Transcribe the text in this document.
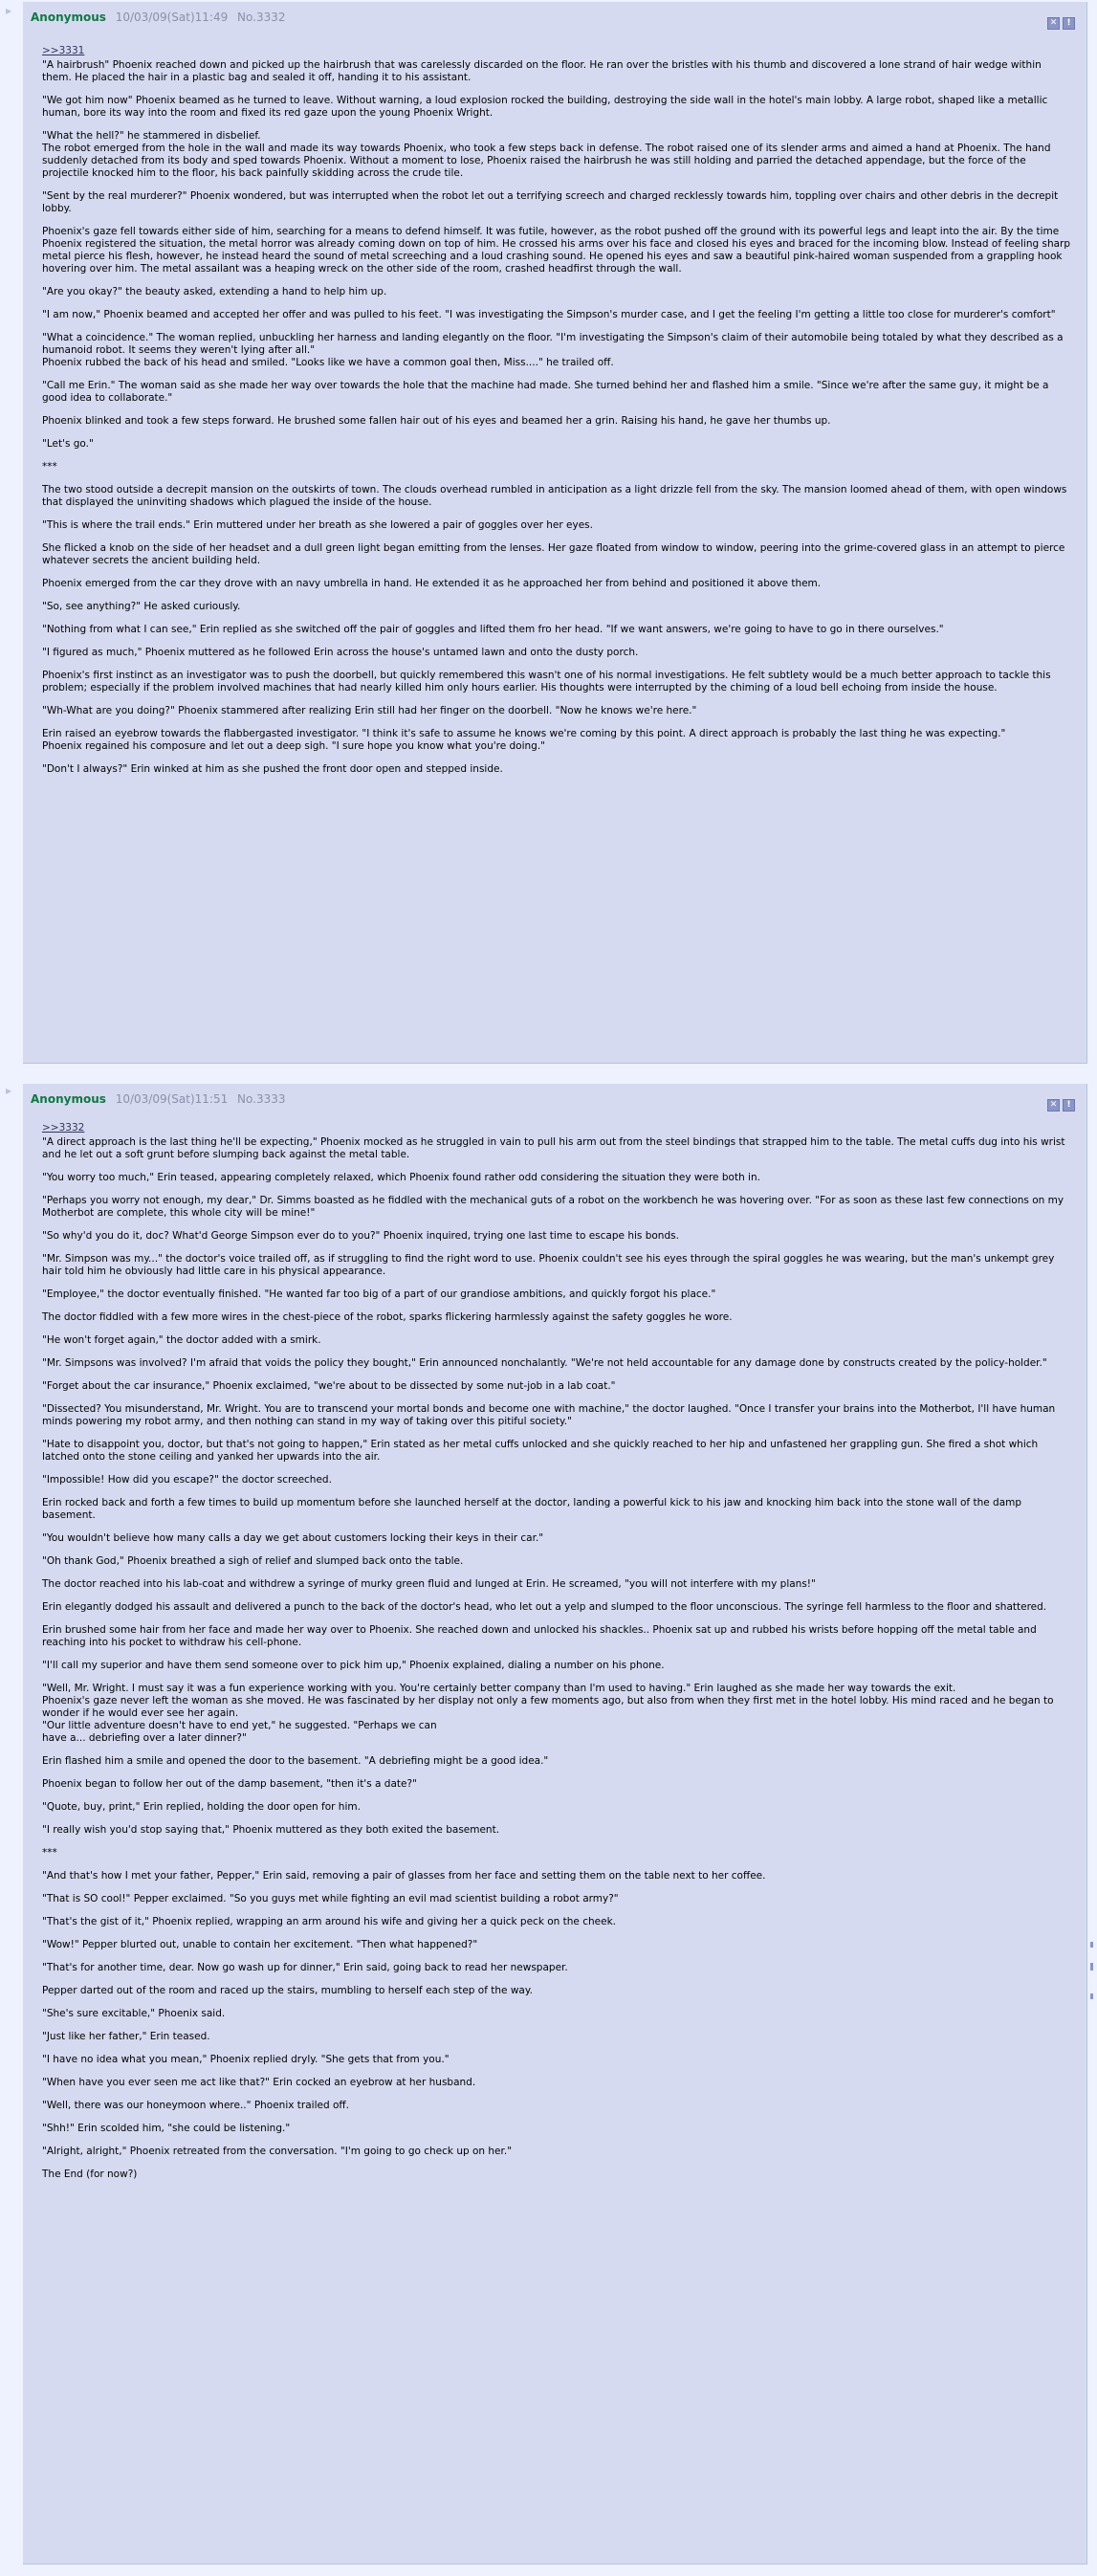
▶ Anonymous 10/03/09(Sat)11:49 No.3332	✕ !
>>3331

"A hairbrush" Phoenix reached down and picked up the hairbrush that was carelessly discarded on the floor. He ran over the bristles with his thumb and discovered a lone strand of hair wedge within them. He placed the hair in a plastic bag and sealed it off, handing it to his assistant.

"We got him now" Phoenix beamed as he turned to leave. Without warning, a loud explosion rocked the building, destroying the side wall in the hotel's main lobby. A large robot, shaped like a metallic human, bore its way into the room and fixed its red gaze upon the young Phoenix Wright.

"What the hell?" he stammered in disbelief.
The robot emerged from the hole in the wall and made its way towards Phoenix, who took a few steps back in defense. The robot raised one of its slender arms and aimed a hand at Phoenix. The hand suddenly detached from its body and sped towards Phoenix. Without a moment to lose, Phoenix raised the hairbrush he was still holding and parried the detached appendage, but the force of the projectile knocked him to the floor, his back painfully skidding across the crude tile.

"Sent by the real murderer?" Phoenix wondered, but was interrupted when the robot let out a terrifying screech and charged recklessly towards him, toppling over chairs and other debris in the decrepit lobby.

Phoenix's gaze fell towards either side of him, searching for a means to defend himself. It was futile, however, as the robot pushed off the ground with its powerful legs and leapt into the air. By the time Phoenix registered the situation, the metal horror was already coming down on top of him. He crossed his arms over his face and closed his eyes and braced for the incoming blow. Instead of feeling sharp metal pierce his flesh, however, he instead heard the sound of metal screeching and a loud crashing sound. He opened his eyes and saw a beautiful pink-haired woman suspended from a grappling hook hovering over him. The metal assailant was a heaping wreck on the other side of the room, crashed headfirst through the wall.

"Are you okay?" the beauty asked, extending a hand to help him up.

"I am now," Phoenix beamed and accepted her offer and was pulled to his feet. "I was investigating the Simpson's murder case, and I get the feeling I'm getting a little too close for murderer's comfort"

"What a coincidence." The woman replied, unbuckling her harness and landing elegantly on the floor. "I'm investigating the Simpson's claim of their automobile being totaled by what they described as a humanoid robot. It seems they weren't lying after all."
Phoenix rubbed the back of his head and smiled. "Looks like we have a common goal then, Miss...." he trailed off.

"Call me Erin." The woman said as she made her way over towards the hole that the machine had made. She turned behind her and flashed him a smile. "Since we're after the same guy, it might be a good idea to collaborate."

Phoenix blinked and took a few steps forward. He brushed some fallen hair out of his eyes and beamed her a grin. Raising his hand, he gave her thumbs up.

"Let's go."

***

The two stood outside a decrepit mansion on the outskirts of town. The clouds overhead rumbled in anticipation as a light drizzle fell from the sky. The mansion loomed ahead of them, with open windows that displayed the uninviting shadows which plagued the inside of the house.

"This is where the trail ends." Erin muttered under her breath as she lowered a pair of goggles over her eyes.

She flicked a knob on the side of her headset and a dull green light began emitting from the lenses. Her gaze floated from window to window, peering into the grime-covered glass in an attempt to pierce whatever secrets the ancient building held.

Phoenix emerged from the car they drove with an navy umbrella in hand. He extended it as he approached her from behind and positioned it above them.

"So, see anything?" He asked curiously.

"Nothing from what I can see," Erin replied as she switched off the pair of goggles and lifted them fro her head. "If we want answers, we're going to have to go in there ourselves."

"I figured as much," Phoenix muttered as he followed Erin across the house's untamed lawn and onto the dusty porch.

Phoenix's first instinct as an investigator was to push the doorbell, but quickly remembered this wasn't one of his normal investigations. He felt subtlety would be a much better approach to tackle this problem; especially if the problem involved machines that had nearly killed him only hours earlier. His thoughts were interrupted by the chiming of a loud bell echoing from inside the house.

"Wh-What are you doing?" Phoenix stammered after realizing Erin still had her finger on the doorbell. "Now he knows we're here."

Erin raised an eyebrow towards the flabbergasted investigator. "I think it's safe to assume he knows we're coming by this point. A direct approach is probably the last thing he was expecting."
Phoenix regained his composure and let out a deep sigh. "I sure hope you know what you're doing."

"Don't I always?" Erin winked at him as she pushed the front door open and stepped inside.

▶
Anonymous 10/03/09(Sat)11:51 No.3333	✕ !
>>3332

"A direct approach is the last thing he'll be expecting," Phoenix mocked as he struggled in vain to pull his arm out from the steel bindings that strapped him to the table. The metal cuffs dug into his wrist and he let out a soft grunt before slumping back against the metal table.

"You worry too much," Erin teased, appearing completely relaxed, which Phoenix found rather odd considering the situation they were both in.

"Perhaps you worry not enough, my dear," Dr. Simms boasted as he fiddled with the mechanical guts of a robot on the workbench he was hovering over. "For as soon as these last few connections on my Motherbot are complete, this whole city will be mine!"

"So why'd you do it, doc? What'd George Simpson ever do to you?" Phoenix inquired, trying one last time to escape his bonds.

"Mr. Simpson was my..." the doctor's voice trailed off, as if struggling to find the right word to use. Phoenix couldn't see his eyes through the spiral goggles he was wearing, but the man's unkempt grey hair told him he obviously had little care in his physical appearance.

"Employee," the doctor eventually finished. "He wanted far too big of a part of our grandiose ambitions, and quickly forgot his place."

The doctor fiddled with a few more wires in the chest-piece of the robot, sparks flickering harmlessly against the safety goggles he wore.

"He won't forget again," the doctor added with a smirk.

"Mr. Simpsons was involved? I'm afraid that voids the policy they bought," Erin announced nonchalantly. "We're not held accountable for any damage done by constructs created by the policy-holder."

"Forget about the car insurance," Phoenix exclaimed, "we're about to be dissected by some nut-job in a lab coat."

"Dissected? You misunderstand, Mr. Wright. You are to transcend your mortal bonds and become one with machine," the doctor laughed. "Once I transfer your brains into the Motherbot, I'll have human minds powering my robot army, and then nothing can stand in my way of taking over this pitiful society."

"Hate to disappoint you, doctor, but that's not going to happen," Erin stated as her metal cuffs unlocked and she quickly reached to her hip and unfastened her grappling gun. She fired a shot which latched onto the stone ceiling and yanked her upwards into the air.

"Impossible! How did you escape?" the doctor screeched.

Erin rocked back and forth a few times to build up momentum before she launched herself at the doctor, landing a powerful kick to his jaw and knocking him back into the stone wall of the damp basement.

"You wouldn't believe how many calls a day we get about customers locking their keys in their car."

"Oh thank God," Phoenix breathed a sigh of relief and slumped back onto the table.

The doctor reached into his lab-coat and withdrew a syringe of murky green fluid and lunged at Erin. He screamed, "you will not interfere with my plans!"

Erin elegantly dodged his assault and delivered a punch to the back of the doctor's head, who let out a yelp and slumped to the floor unconscious. The syringe fell harmless to the floor and shattered.

Erin brushed some hair from her face and made her way over to Phoenix. She reached down and unlocked his shackles.. Phoenix sat up and rubbed his wrists before hopping off the metal table and reaching into his pocket to withdraw his cell-phone.

"I'll call my superior and have them send someone over to pick him up," Phoenix explained, dialing a number on his phone.

"Well, Mr. Wright. I must say it was a fun experience working with you. You're certainly better company than I'm used to having." Erin laughed as she made her way towards the exit.
Phoenix's gaze never left the woman as she moved. He was fascinated by her display not only a few moments ago, but also from when they first met in the hotel lobby. His mind raced and he began to wonder if he would ever see her again.
"Our little adventure doesn't have to end yet," he suggested. "Perhaps we can
have a... debriefing over a later dinner?"

Erin flashed him a smile and opened the door to the basement. "A debriefing might be a good idea."

Phoenix began to follow her out of the damp basement, "then it's a date?"

"Quote, buy, print," Erin replied, holding the door open for him.

"I really wish you'd stop saying that," Phoenix muttered as they both exited the basement.

***

"And that's how I met your father, Pepper," Erin said, removing a pair of glasses from her face and setting them on the table next to her coffee.

"That is SO cool!" Pepper exclaimed. "So you guys met while fighting an evil mad scientist building a robot army?"

"That's the gist of it," Phoenix replied, wrapping an arm around his wife and giving her a quick peck on the cheek.

"Wow!" Pepper blurted out, unable to contain her excitement. "Then what happened?"

"That's for another time, dear. Now go wash up for dinner," Erin said, going back to read her newspaper.

Pepper darted out of the room and raced up the stairs, mumbling to herself each step of the way.

"She's sure excitable," Phoenix said.

"Just like her father," Erin teased.

"I have no idea what you mean," Phoenix replied dryly. "She gets that from you."

"When have you ever seen me act like that?" Erin cocked an eyebrow at her husband.

"Well, there was our honeymoon where.." Phoenix trailed off.

"Shh!" Erin scolded him, "she could be listening."

"Alright, alright," Phoenix retreated from the conversation. "I'm going to go check up on her."

The End (for now?)
